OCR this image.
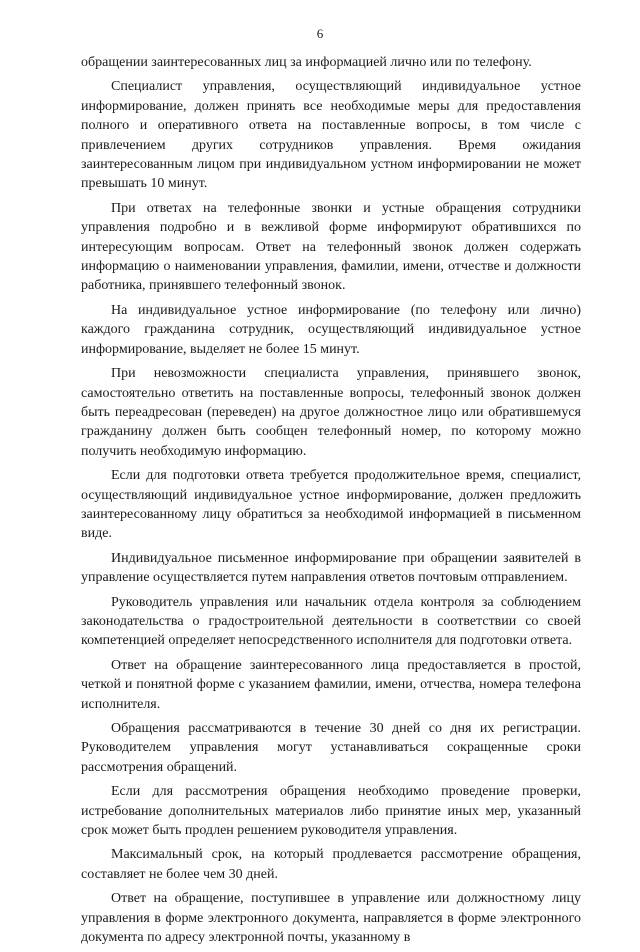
6

обращении заинтересованных лиц за информацией лично или по телефону.

Специалист управления, осуществляющий индивидуальное устное информирование, должен принять все необходимые меры для предоставления полного и оперативного ответа на поставленные вопросы, в том числе с привлечением других сотрудников управления. Время ожидания заинтересованным лицом при индивидуальном устном информировании не может превышать 10 минут.

При ответах на телефонные звонки и устные обращения сотрудники управления подробно и в вежливой форме информируют обратившихся по интересующим вопросам. Ответ на телефонный звонок должен содержать информацию о наименовании управления, фамилии, имени, отчестве и должности работника, принявшего телефонный звонок.

На индивидуальное устное информирование (по телефону или лично) каждого гражданина сотрудник, осуществляющий индивидуальное устное информирование, выделяет не более 15 минут.

При невозможности специалиста управления, принявшего звонок, самостоятельно ответить на поставленные вопросы, телефонный звонок должен быть переадресован (переведен) на другое должностное лицо или обратившемуся гражданину должен быть сообщен телефонный номер, по которому можно получить необходимую информацию.

Если для подготовки ответа требуется продолжительное время, специалист, осуществляющий индивидуальное устное информирование, должен предложить заинтересованному лицу обратиться за необходимой информацией в письменном виде.

Индивидуальное письменное информирование при обращении заявителей в управление осуществляется путем направления ответов почтовым отправлением.

Руководитель управления или начальник отдела контроля за соблюдением законодательства о градостроительной деятельности в соответствии со своей компетенцией определяет непосредственного исполнителя для подготовки ответа.

Ответ на обращение заинтересованного лица предоставляется в простой, четкой и понятной форме с указанием фамилии, имени, отчества, номера телефона исполнителя.

Обращения рассматриваются в течение 30 дней со дня их регистрации. Руководителем управления могут устанавливаться сокращенные сроки рассмотрения обращений.

Если для рассмотрения обращения необходимо проведение проверки, истребование дополнительных материалов либо принятие иных мер, указанный срок может быть продлен решением руководителя управления.

Максимальный срок, на который продлевается рассмотрение обращения, составляет не более чем 30 дней.

Ответ на обращение, поступившее в управление или должностному лицу управления в форме электронного документа, направляется в форме электронного документа по адресу электронной почты, указанному в
